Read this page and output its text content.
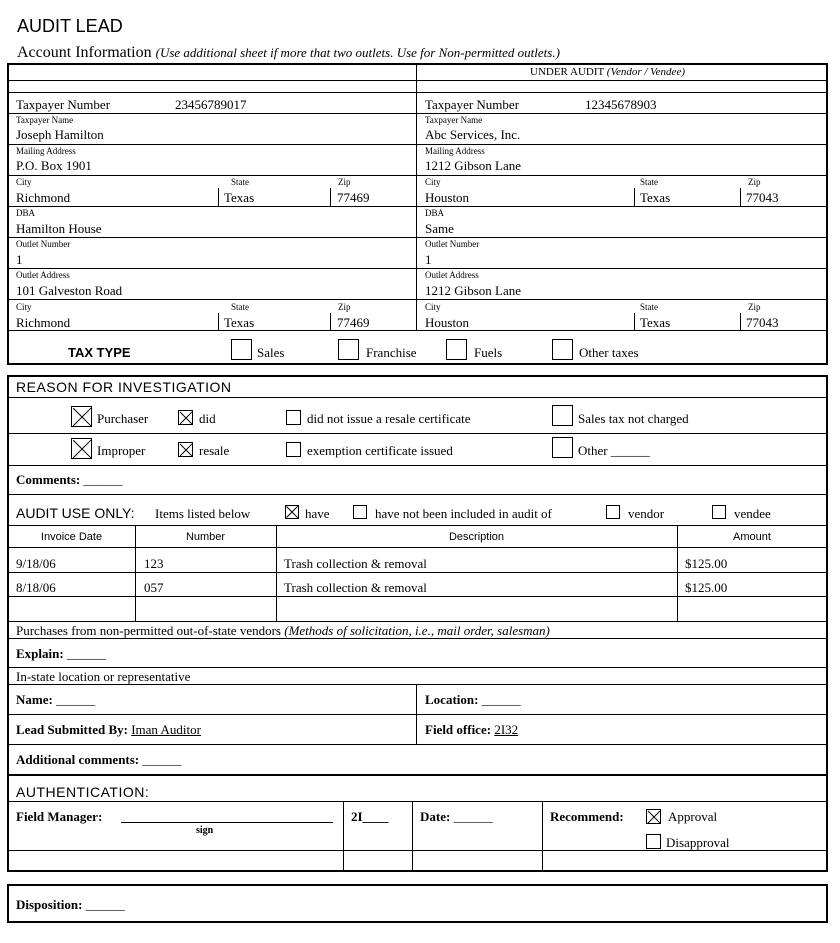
AUDIT LEAD
Account Information (Use additional sheet if more that two outlets. Use for Non-permitted outlets.)
UNDER AUDIT (Vendor / Vendee)
Taxpayer Number	23456789017
Taxpayer Name
Joseph Hamilton
Mailing Address
P.O. Box 1901
City	State	Zip
Richmond	Texas	77469
DBA
Hamilton House
Outlet Number
1
Outlet Address
101 Galveston Road
City	State	Zip
Richmond	Texas	77469
Taxpayer Number	12345678903
Taxpayer Name
Abc Services, Inc.
Mailing Address
1212 Gibson Lane
City	State	Zip
Houston	Texas	77043
DBA
Same
Outlet Number
1
Outlet Address
1212 Gibson Lane
City	State	Zip
Houston	Texas	77043
TAX TYPE	Sales	Franchise	Fuels	Other taxes
REASON FOR INVESTIGATION
Purchaser	did	did not issue a resale certificate	Sales tax not charged
Improper	resale	exemption certificate issued	Other ______
Comments: ______
AUDIT USE ONLY: Items listed below	have	have not been included in audit of	vendor	vendee
Invoice Date	Number	Description	Amount
9/18/06	123	Trash collection & removal	$125.00
8/18/06	057	Trash collection & removal	$125.00
Purchases from non-permitted out-of-state vendors (Methods of solicitation, i.e., mail order, salesman)
Explain: ______
In-state location or representative
Name: ______	Location: ______
Lead Submitted By: Iman Auditor	Field office: 2I32
Additional comments: ______
AUTHENTICATION:
Field Manager:
sign
2I____ Date: ______	Recommend:	Approval
Disapproval
Disposition: ______
